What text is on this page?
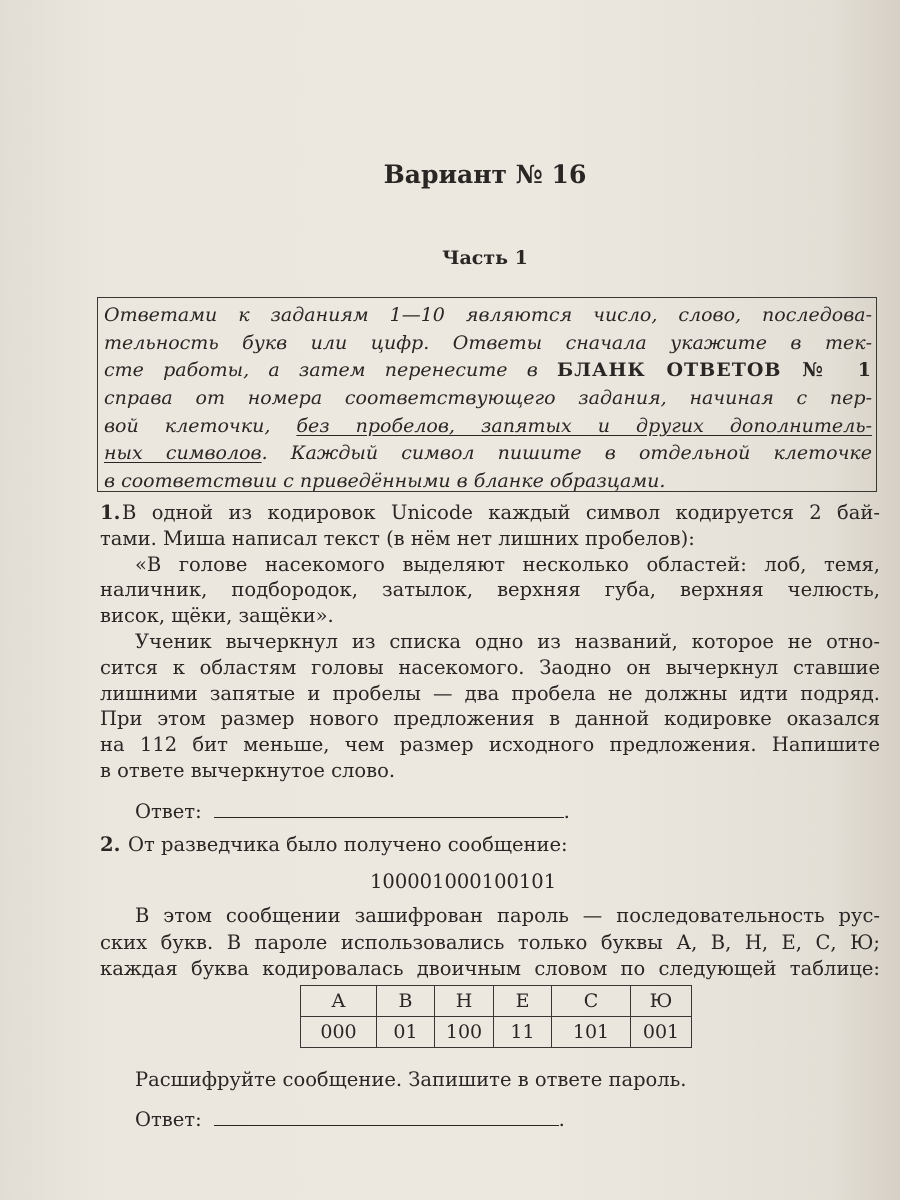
Вариант № 16
Часть 1
А	В	Н	Е	С	Ю
000	01	100	11	101	001
Ответами к заданиям 1—10 являются число, слово, последова-
тельность букв или цифр. Ответы сначала укажите в тек-
сте работы, а затем перенесите в БЛАНК ОТВЕТОВ № 1
справа от номера соответствующего задания, начиная с пер-
вой клеточки, без пробелов, запятых и других дополнитель-
ных символов. Каждый символ пишите в отдельной клеточке
в соответствии с приведёнными в бланке образцами.
1. В одной из кодировок Unicode каждый символ кодируется 2 бай-
тами. Миша написал текст (в нём нет лишних пробелов):
«В голове насекомого выделяют несколько областей: лоб, темя,
наличник, подбородок, затылок, верхняя губа, верхняя челюсть,
висок, щёки, защёки».
Ученик вычеркнул из списка одно из названий, которое не отно-
сится к областям головы насекомого. Заодно он вычеркнул ставшие
лишними запятые и пробелы — два пробела не должны идти подряд.
При этом размер нового предложения в данной кодировке оказался
на 112 бит меньше, чем размер исходного предложения. Напишите
в ответе вычеркнутое слово.
Ответ:	.
2. От разведчика было получено сообщение:
100001000100101
В этом сообщении зашифрован пароль — последовательность рус-
ских букв. В пароле использовались только буквы А, В, Н, Е, С, Ю;
каждая буква кодировалась двоичным словом по следующей таблице:
Расшифруйте сообщение. Запишите в ответе пароль.
Ответ:	.
